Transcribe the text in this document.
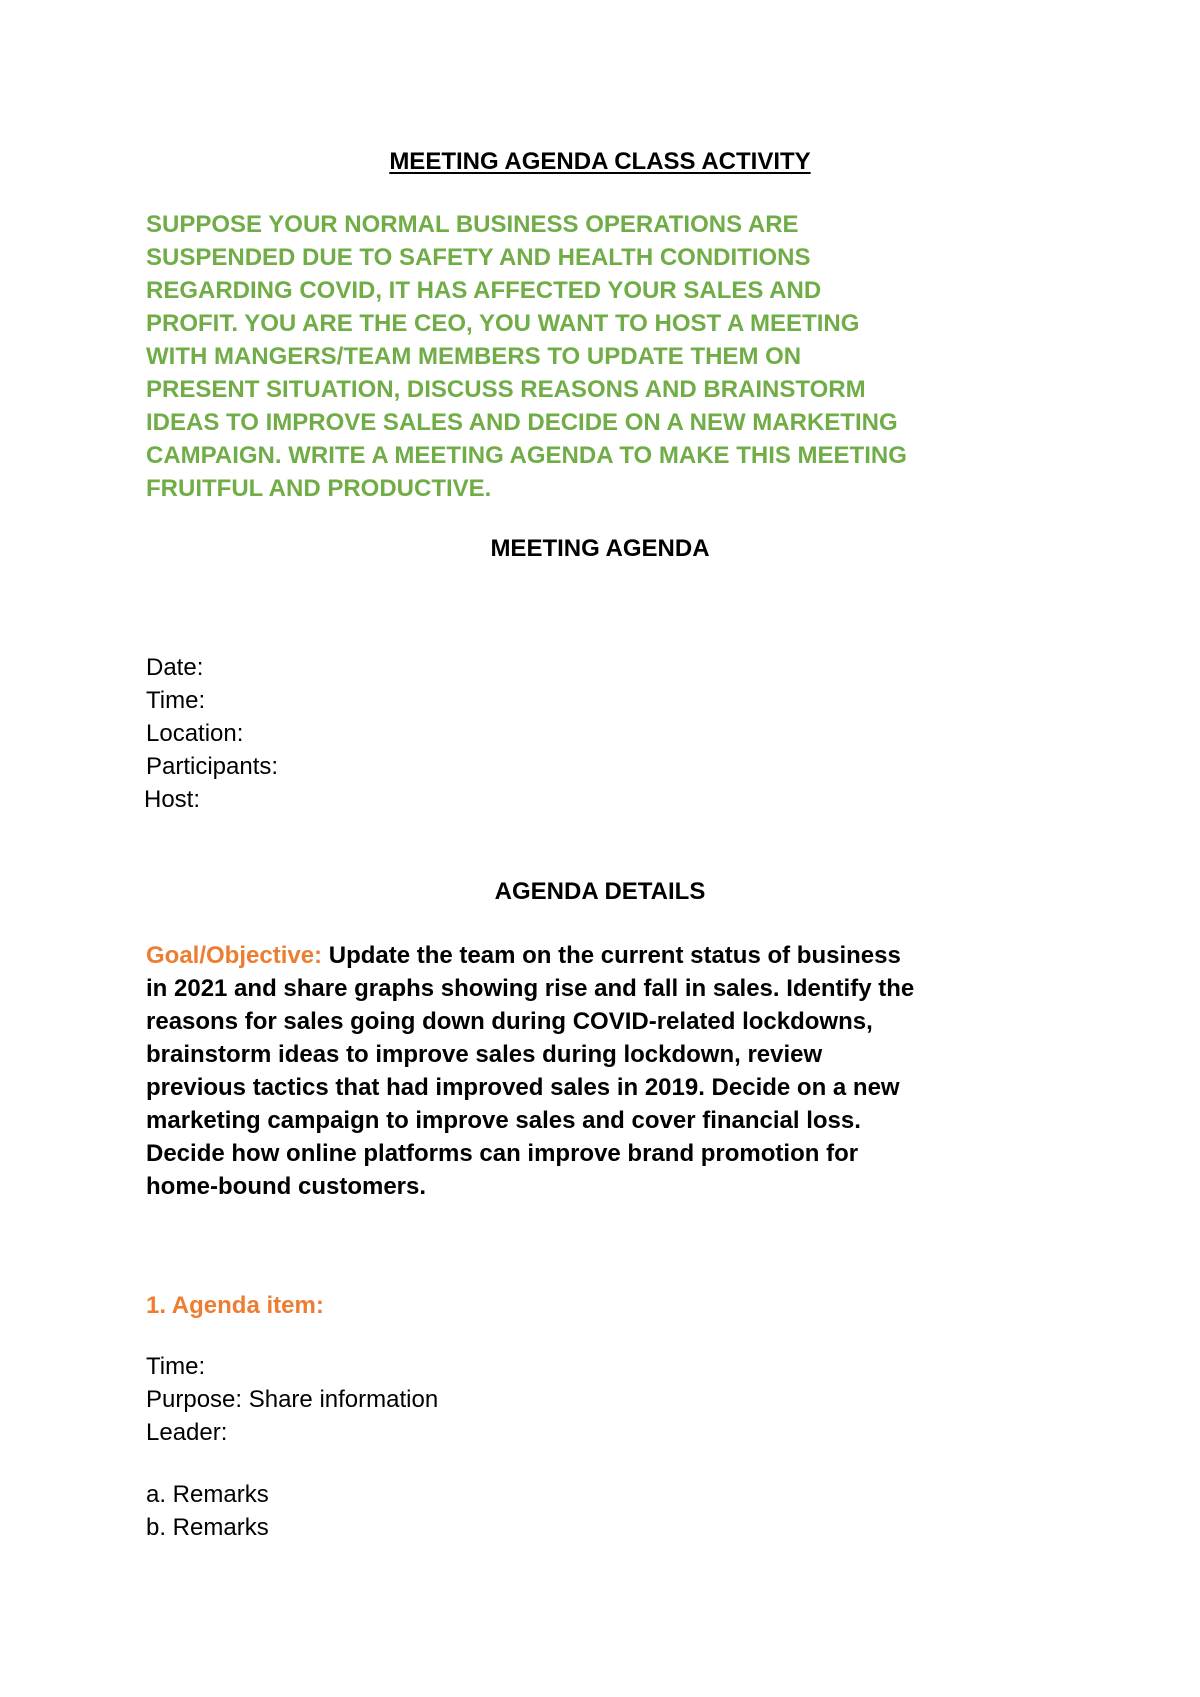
MEETING AGENDA CLASS ACTIVITY

SUPPOSE YOUR NORMAL BUSINESS OPERATIONS ARE
SUSPENDED DUE TO SAFETY AND HEALTH CONDITIONS
REGARDING COVID, IT HAS AFFECTED YOUR SALES AND
PROFIT. YOU ARE THE CEO, YOU WANT TO HOST A MEETING
WITH MANGERS/TEAM MEMBERS TO UPDATE THEM ON
PRESENT SITUATION, DISCUSS REASONS AND BRAINSTORM
IDEAS TO IMPROVE SALES AND DECIDE ON A NEW MARKETING
CAMPAIGN. WRITE A MEETING AGENDA TO MAKE THIS MEETING
FRUITFUL AND PRODUCTIVE.

MEETING AGENDA
Date:
Time:
Location:
Participants:
Host:
AGENDA DETAILS

Goal/Objective: Update the team on the current status of business
in 2021 and share graphs showing rise and fall in sales. Identify the
reasons for sales going down during COVID-related lockdowns,
brainstorm ideas to improve sales during lockdown, review
previous tactics that had improved sales in 2019. Decide on a new
marketing campaign to improve sales and cover financial loss.
Decide how online platforms can improve brand promotion for
home-bound customers.

1. Agenda item:

Time:
Purpose: Share information
Leader:
a. Remarks
b. Remarks
